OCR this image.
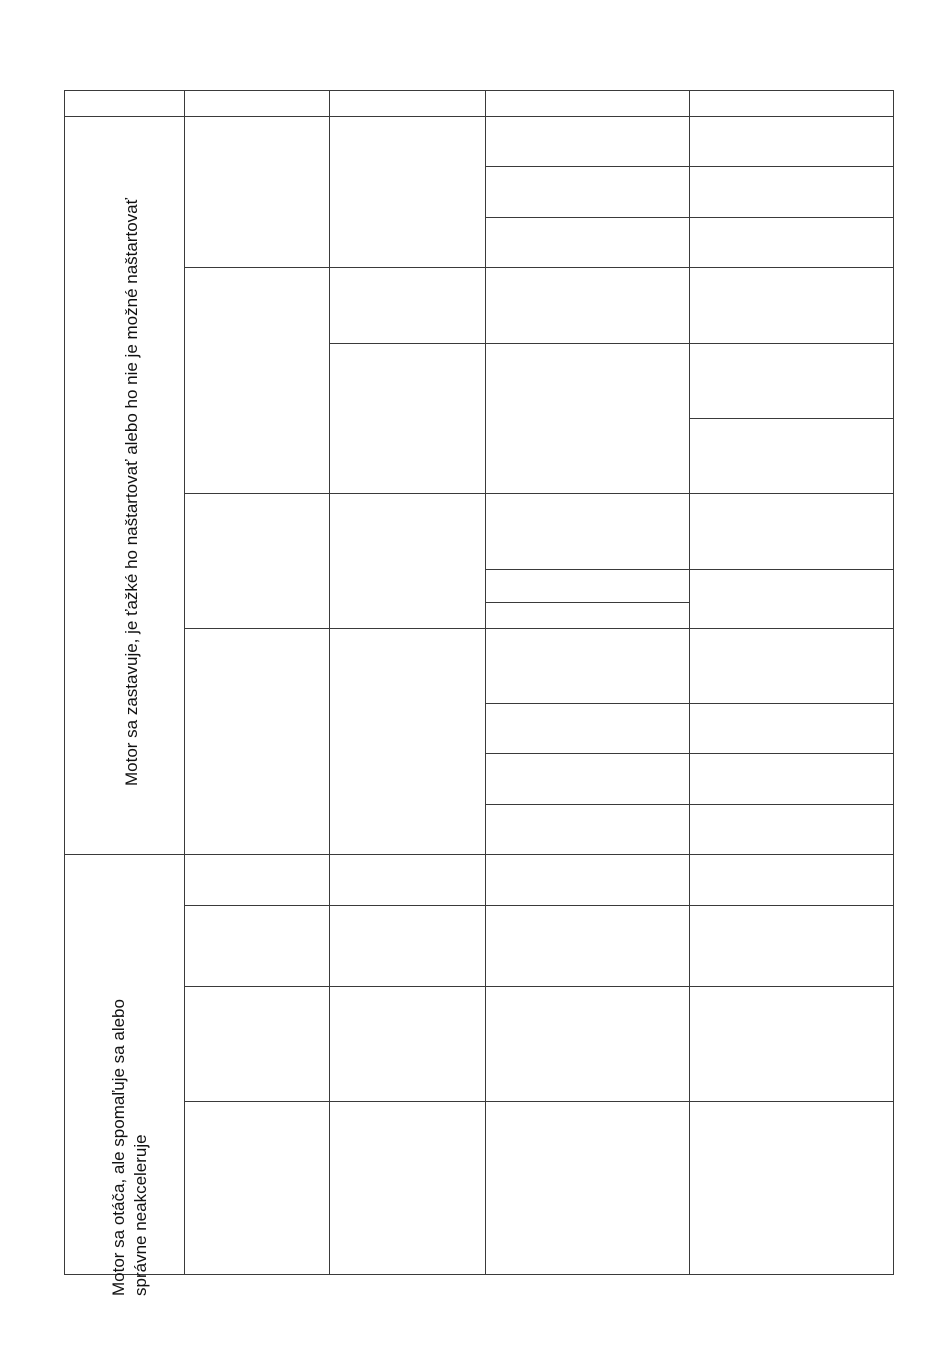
Motor sa zastavuje, je ťažké ho naštartovať alebo ho nie je možné naštartovať
Motor sa otáča, ale spomaľuje sa alebo
správne neakceleruje
